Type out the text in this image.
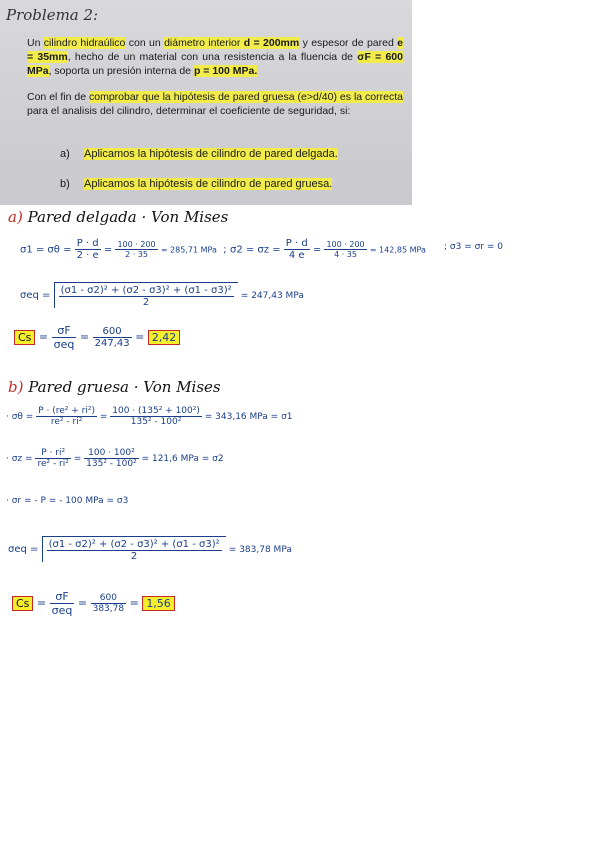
Problema 2:
Un cilindro hidraúlico con un diámetro interior d = 200mm y espesor de pared e = 35mm, hecho de un material con una resistencia a la fluencia de σF = 600 MPa, soporta un presión interna de p = 100 MPa.
Con el fin de comprobar que la hipótesis de pared gruesa (e>d/40) es la correcta para el analisis del cilindro, determinar el coeficiente de seguridad, si:
a) Aplicamos la hipótesis de cilindro de pared delgada.
b) Aplicamos la hipótesis de cilindro de pared gruesa.
a) Pared delgada · Von Mises
$\sigma 1 = \sigma\theta = \frac{P \cdot d}{2 \cdot e} = \frac{100 \cdot 200}{2 \cdot 35} = 285,71$ MPa  ; $\sigma 2 = \sigma z = \frac{P \cdot d}{4 e} = \frac{100 \cdot 200}{4 \cdot 35} = 142,85$ MPa ; σ3 = σr = 0
$\sigma eq = \frac{\text{(σ1 - σ2)² + (σ2 - σ3)² + (σ1 - σ3)²}}{2} = 247,43$ MPa
$Cs = \frac{\sigma F}{\text{σeq}} = \frac{600}{247,43} = 2,42$
b) Pared gruesa · Von Mises
· $\sigma\theta = \frac{\text{P · (re² + ri²)}}{\text{re² - ri²}} = \frac{\text{100 · (135² + 100²)}}{\text{135² - 100²}} = 343,16$ MPa = σ1
· $\sigma z = \frac{\text{P · ri²}}{\text{re² - ri²}} = \frac{\text{100 · 100²}}{\text{135² - 100²}} = 121,6$ MPa = σ2
· σr = - P = - 100 MPa = σ3
$\sigma eq = \frac{\text{(σ1 - σ2)² + (σ2 - σ3)² + (σ1 - σ3)²}}{2} = 383,78$ MPa
$Cs = \frac{\sigma F}{\text{σeq}} = \frac{600}{383,78} = 1,56$
